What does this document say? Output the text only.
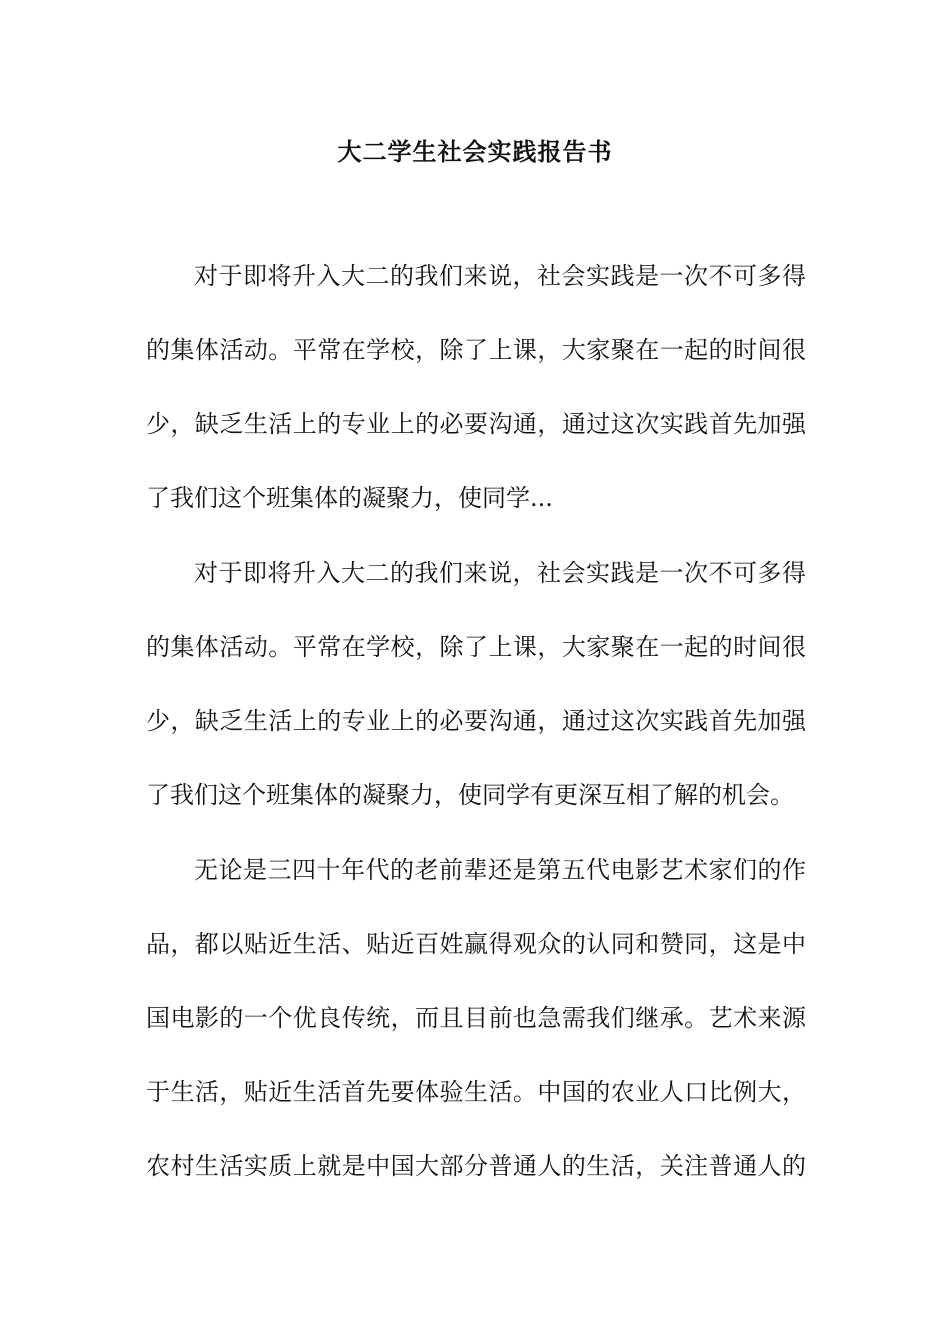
大二学生社会实践报告书

对于即将升入大二的我们来说，社会实践是一次不可多得

的集体活动。平常在学校，除了上课，大家聚在一起的时间很

少，缺乏生活上的专业上的必要沟通，通过这次实践首先加强

了我们这个班集体的凝聚力，使同学...

对于即将升入大二的我们来说，社会实践是一次不可多得

的集体活动。平常在学校，除了上课，大家聚在一起的时间很

少，缺乏生活上的专业上的必要沟通，通过这次实践首先加强

了我们这个班集体的凝聚力，使同学有更深互相了解的机会。

无论是三四十年代的老前辈还是第五代电影艺术家们的作

品，都以贴近生活、贴近百姓赢得观众的认同和赞同，这是中

国电影的一个优良传统，而且目前也急需我们继承。艺术来源

于生活，贴近生活首先要体验生活。中国的农业人口比例大，

农村生活实质上就是中国大部分普通人的生活，关注普通人的
